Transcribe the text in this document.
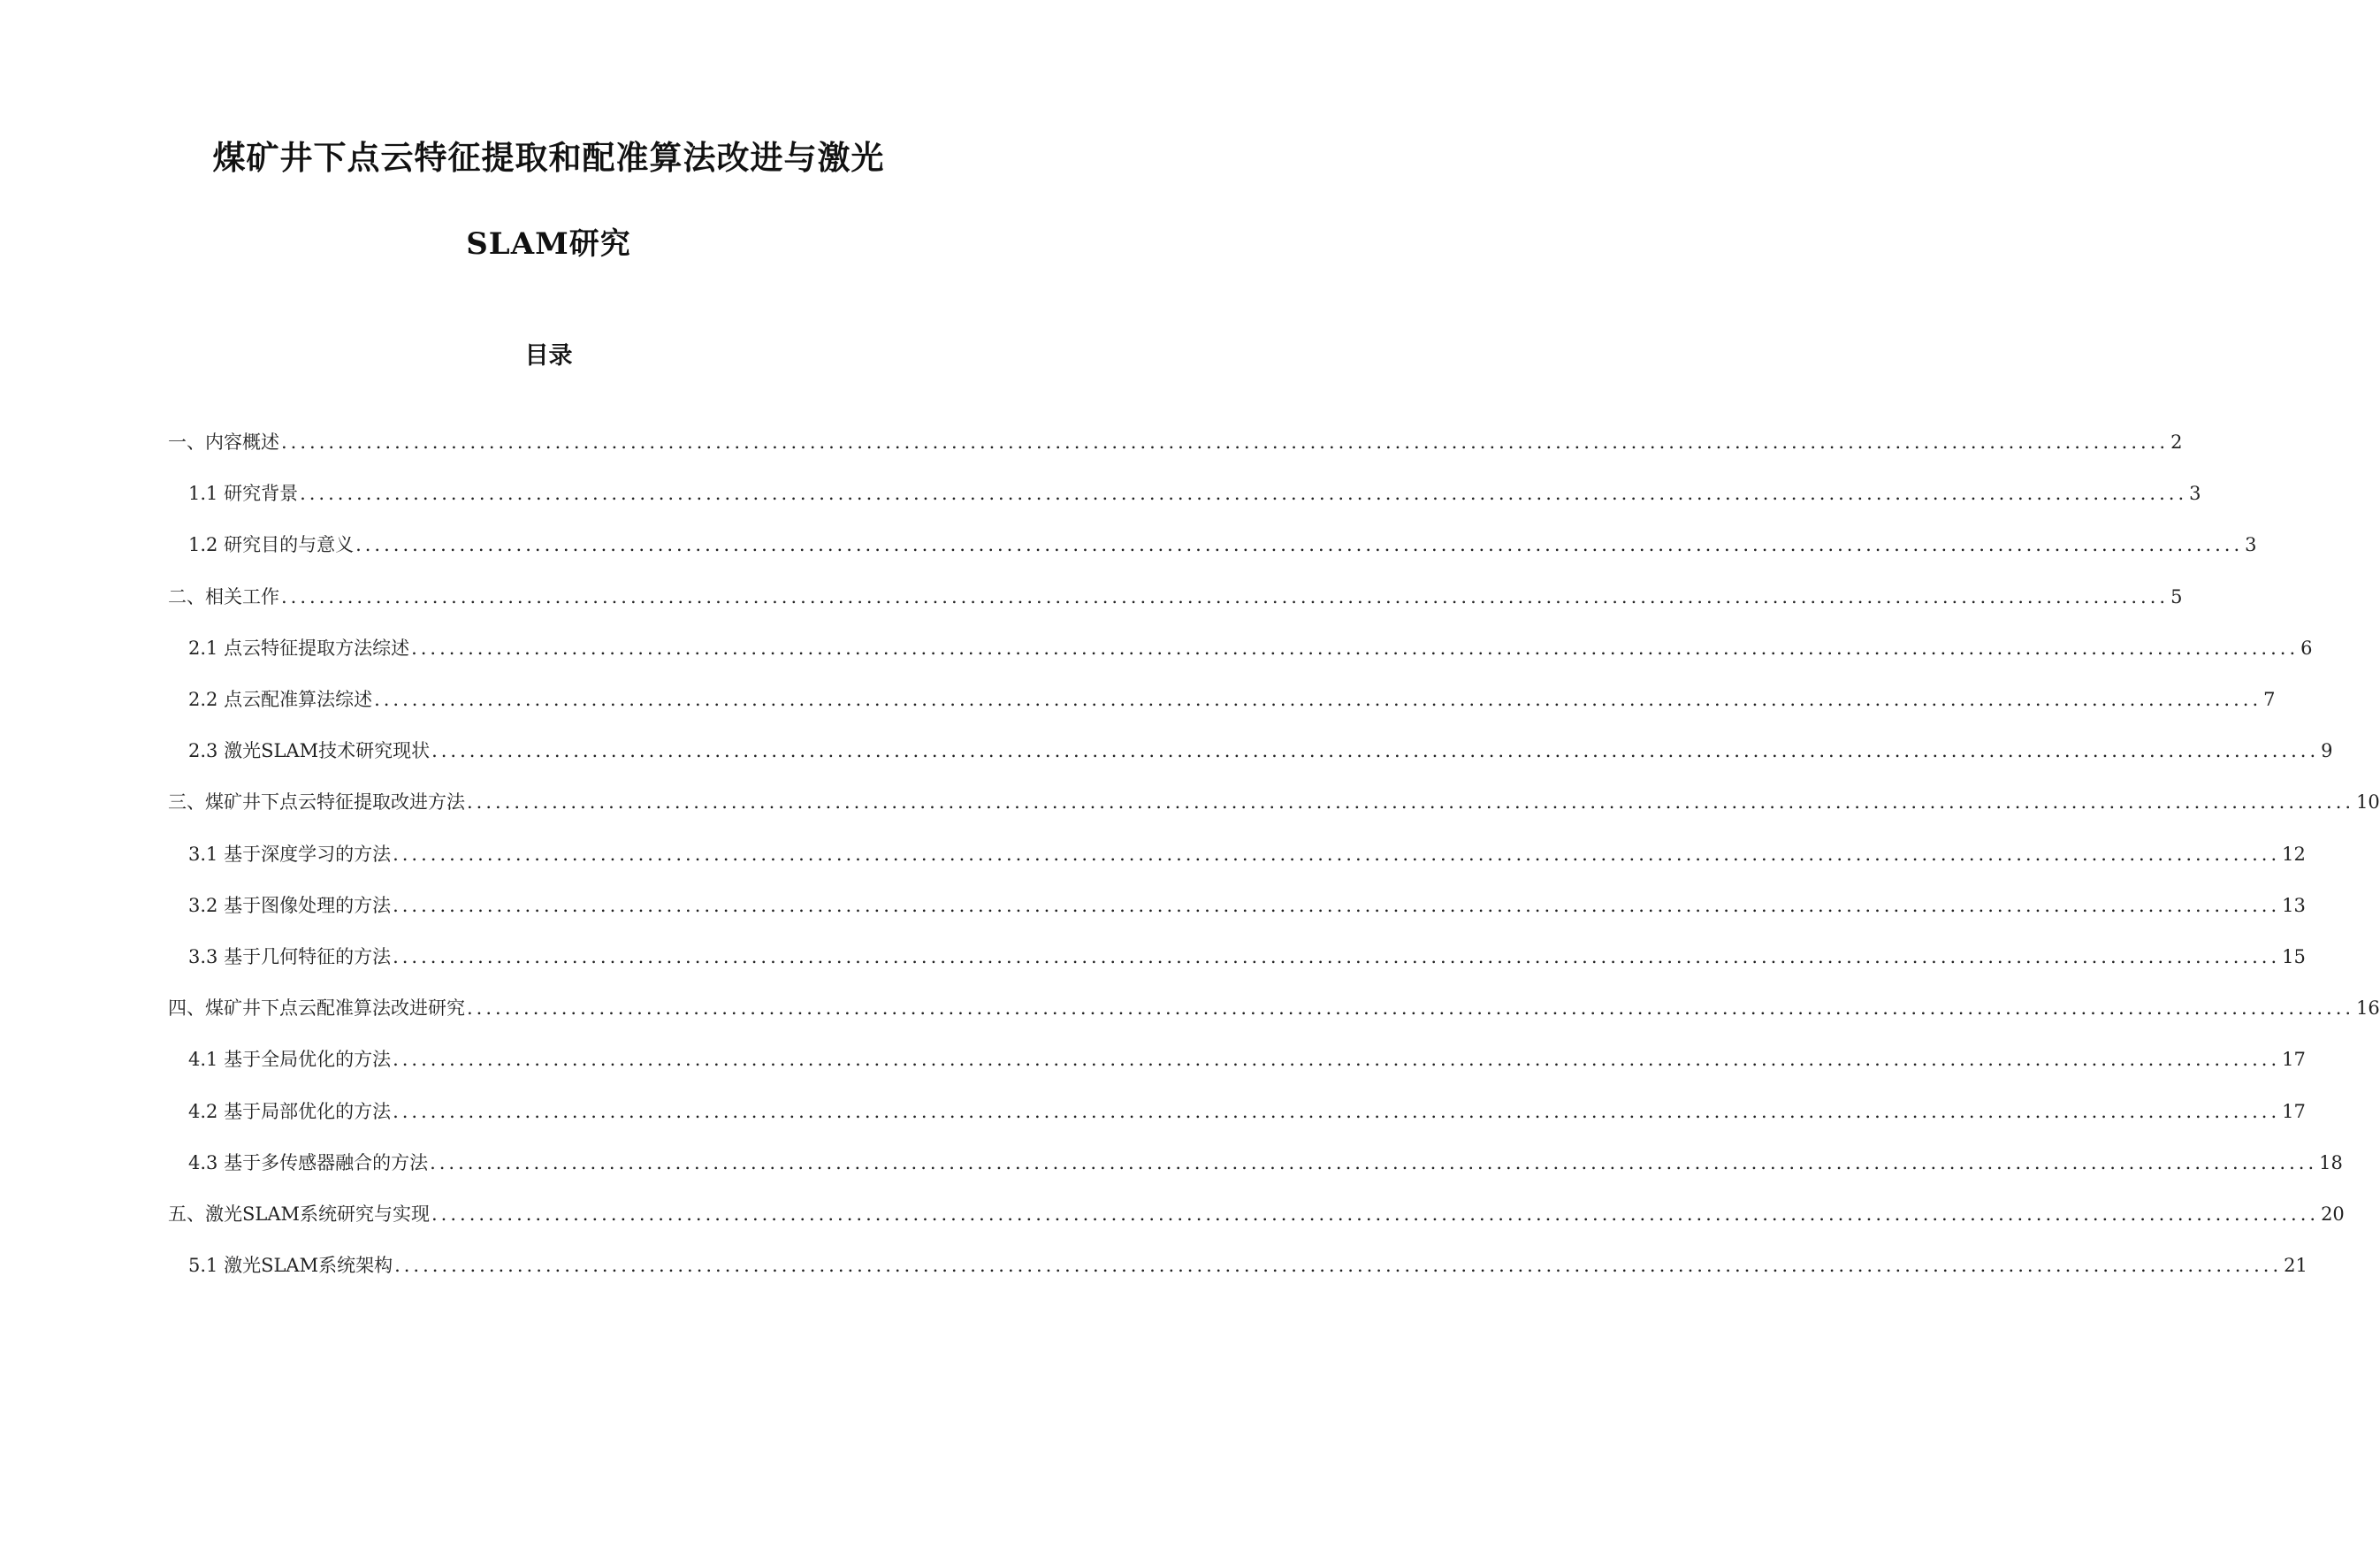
煤矿井下点云特征提取和配准算法改进与激光
SLAM研究
目录
一、内容概述 ........................................................................................................................................................................................................ 2
1.1 研究背景 ........................................................................................................................................................................................................ 3
1.2 研究目的与意义 ........................................................................................................................................................................................................ 3
二、相关工作 ........................................................................................................................................................................................................ 5
2.1 点云特征提取方法综述 ........................................................................................................................................................................................................ 6
2.2 点云配准算法综述 ........................................................................................................................................................................................................ 7
2.3 激光SLAM技术研究现状 ........................................................................................................................................................................................................ 9
三、煤矿井下点云特征提取改进方法 ........................................................................................................................................................................................................ 10
3.1 基于深度学习的方法 ........................................................................................................................................................................................................ 12
3.2 基于图像处理的方法 ........................................................................................................................................................................................................ 13
3.3 基于几何特征的方法 ........................................................................................................................................................................................................ 15
四、煤矿井下点云配准算法改进研究 ........................................................................................................................................................................................................ 16
4.1 基于全局优化的方法 ........................................................................................................................................................................................................ 17
4.2 基于局部优化的方法 ........................................................................................................................................................................................................ 17
4.3 基于多传感器融合的方法 ........................................................................................................................................................................................................ 18
五、激光SLAM系统研究与实现 ........................................................................................................................................................................................................ 20
5.1 激光SLAM系统架构 ........................................................................................................................................................................................................ 21
